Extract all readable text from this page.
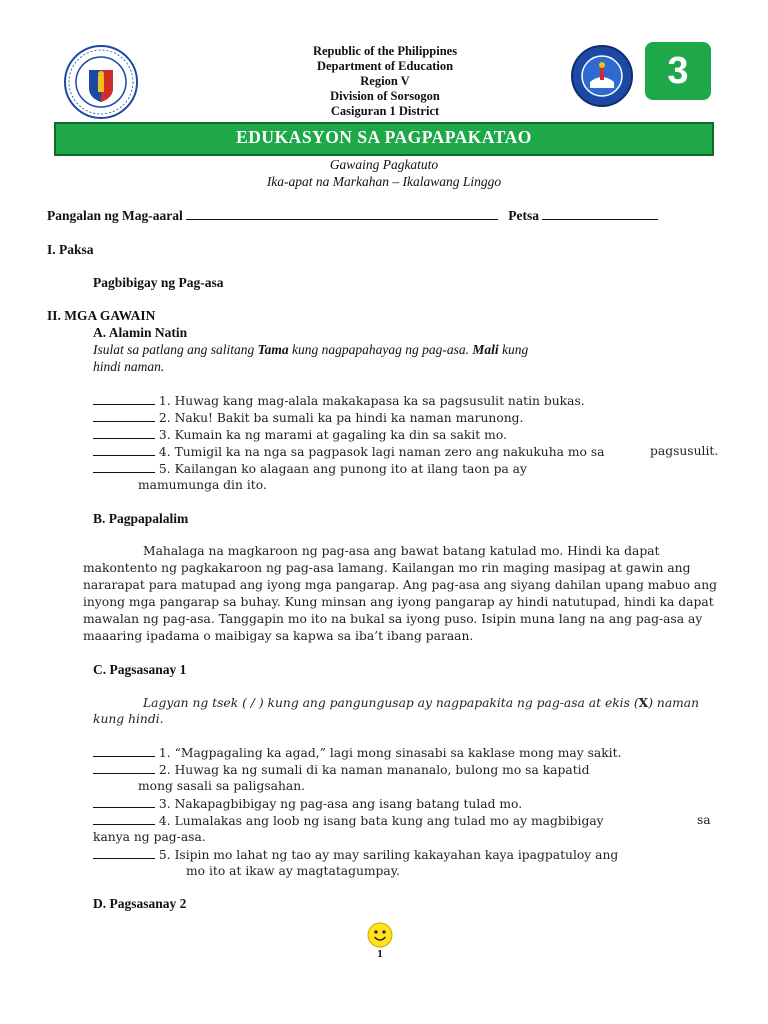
Republic of the Philippines
Department of Education
Region V
Division of Sorsogon
Casiguran 1 District
3
EDUKASYON SA PAGPAPAKATAO
Gawaing Pagkatuto
Ika-apat na Markahan – Ikalawang Linggo
Pangalan ng Mag-aaral	Petsa
I. Paksa
Pagbibigay ng Pag-asa
II. MGA GAWAIN
A. Alamin Natin
Isulat sa patlang ang salitang Tama kung nagpapahayag ng pag-asa. Mali kung
hindi naman.
1. Huwag kang mag-alala makakapasa ka sa pagsusulit natin bukas.
2. Naku! Bakit ba sumali ka pa hindi ka naman marunong.
3. Kumain ka ng marami at gagaling ka din sa sakit mo.
4. Tumigil ka na nga sa pagpasok lagi naman zero ang nakukuha mo sa	pagsusulit.
5. Kailangan ko alagaan ang punong ito at ilang taon pa ay
mamumunga din ito.
B. Pagpapalalim
Mahalaga na magkaroon ng pag-asa ang bawat batang katulad mo. Hindi ka dapat
makontento ng pagkakaroon ng pag-asa lamang. Kailangan mo rin maging masipag at gawin ang
nararapat para matupad ang iyong mga pangarap. Ang pag-asa ang siyang dahilan upang mabuo ang
inyong mga pangarap sa buhay. Kung minsan ang iyong pangarap ay hindi natutupad, hindi ka dapat
mawalan ng pag-asa. Tanggapin mo ito na bukal sa iyong puso. Isipin muna lang na ang pag-asa ay
maaaring ipadama o maibigay sa kapwa sa iba’t ibang paraan.
C. Pagsasanay 1
Lagyan ng tsek ( / ) kung ang pangungusap ay nagpapakita ng pag-asa at ekis (X) naman
kung hindi.
1. “Magpagaling ka agad,” lagi mong sinasabi sa kaklase mong may sakit.
2. Huwag ka ng sumali di ka naman mananalo, bulong mo sa kapatid
mong sasali sa paligsahan.
3. Nakapagbibigay ng pag-asa ang isang batang tulad mo.
4. Lumalakas ang loob ng isang bata kung ang tulad mo ay magbibigay	sa
kanya ng pag-asa.
5. Isipin mo lahat ng tao ay may sariling kakayahan kaya ipagpatuloy ang
mo ito at ikaw ay magtatagumpay.
D. Pagsasanay 2
1
